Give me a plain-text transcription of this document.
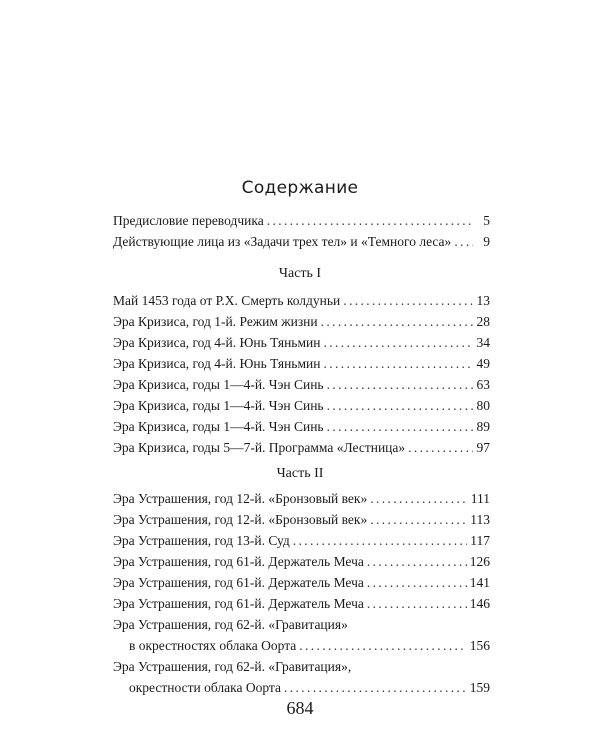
Содержание
Предисловие переводчика . . .	5
Действующие лица из «Задачи трех тел» и «Темного леса» . . .	9
Часть I
Май 1453 года от Р.Х. Смерть колдуньи . . .	13
Эра Кризиса, год 1-й. Режим жизни . . .	28
Эра Кризиса, год 4-й. Юнь Тяньмин . . .	34
Эра Кризиса, год 4-й. Юнь Тяньмин . . .	49
Эра Кризиса, годы 1—4-й. Чэн Синь . . .	63
Эра Кризиса, годы 1—4-й. Чэн Синь . . .	80
Эра Кризиса, годы 1—4-й. Чэн Синь . . .	89
Эра Кризиса, годы 5—7-й. Программа «Лестница» . . .	97
Часть II
Эра Устрашения, год 12-й. «Бронзовый век» . . .	111
Эра Устрашения, год 12-й. «Бронзовый век» . . .	113
Эра Устрашения, год 13-й. Суд . . .	117
Эра Устрашения, год 61-й. Держатель Меча . . .	126
Эра Устрашения, год 61-й. Держатель Меча . . .	141
Эра Устрашения, год 61-й. Держатель Меча . . .	146
Эра Устрашения, год 62-й. «Гравитация»
в окрестностях облака Оорта . . .	156
Эра Устрашения, год 62-й. «Гравитация»,
окрестности облака Оорта . . .	159
684
